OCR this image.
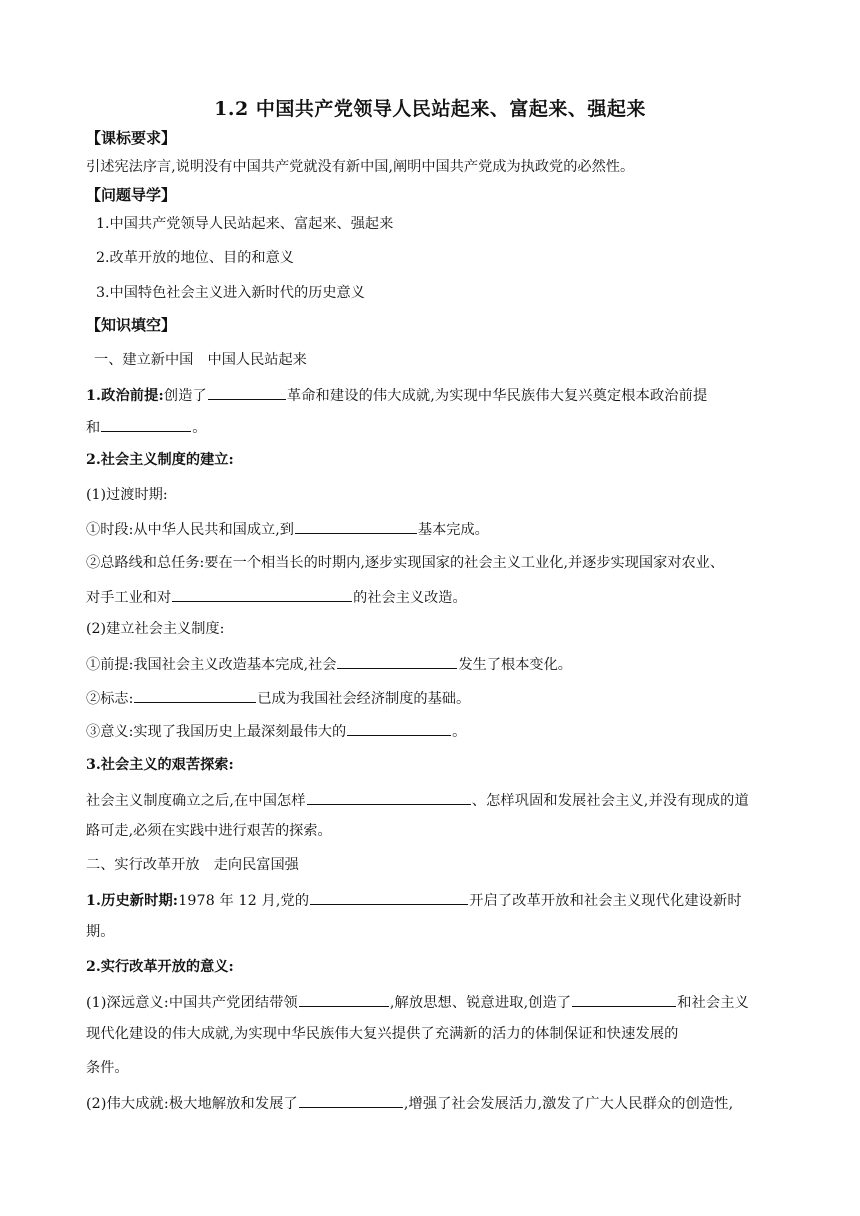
1.2 中国共产党领导人民站起来、富起来、强起来
【课标要求】
引述宪法序言,说明没有中国共产党就没有新中国,阐明中国共产党成为执政党的必然性。
【问题导学】
1.中国共产党领导人民站起来、富起来、强起来
2.改革开放的地位、目的和意义
3.中国特色社会主义进入新时代的历史意义
【知识填空】
一、建立新中国　中国人民站起来
1.政治前提:创造了	革命和建设的伟大成就,为实现中华民族伟大复兴奠定根本政治前提
和	。
2.社会主义制度的建立:
(1)过渡时期:
①时段:从中华人民共和国成立,到	基本完成。
②总路线和总任务:要在一个相当长的时期内,逐步实现国家的社会主义工业化,并逐步实现国家对农业、
对手工业和对	的社会主义改造。
(2)建立社会主义制度:
①前提:我国社会主义改造基本完成,社会	发生了根本变化。
②标志:	已成为我国社会经济制度的基础。
③意义:实现了我国历史上最深刻最伟大的	。
3.社会主义的艰苦探索:
社会主义制度确立之后,在中国怎样	、怎样巩固和发展社会主义,并没有现成的道
路可走,必须在实践中进行艰苦的探索。
二、实行改革开放　走向民富国强
1.历史新时期:1978 年 12 月,党的	开启了改革开放和社会主义现代化建设新时
期。
2.实行改革开放的意义:
(1)深远意义:中国共产党团结带领	,解放思想、锐意进取,创造了	和社会主义
现代化建设的伟大成就,为实现中华民族伟大复兴提供了充满新的活力的体制保证和快速发展的
条件。
(2)伟大成就:极大地解放和发展了	,增强了社会发展活力,激发了广大人民群众的创造性,
